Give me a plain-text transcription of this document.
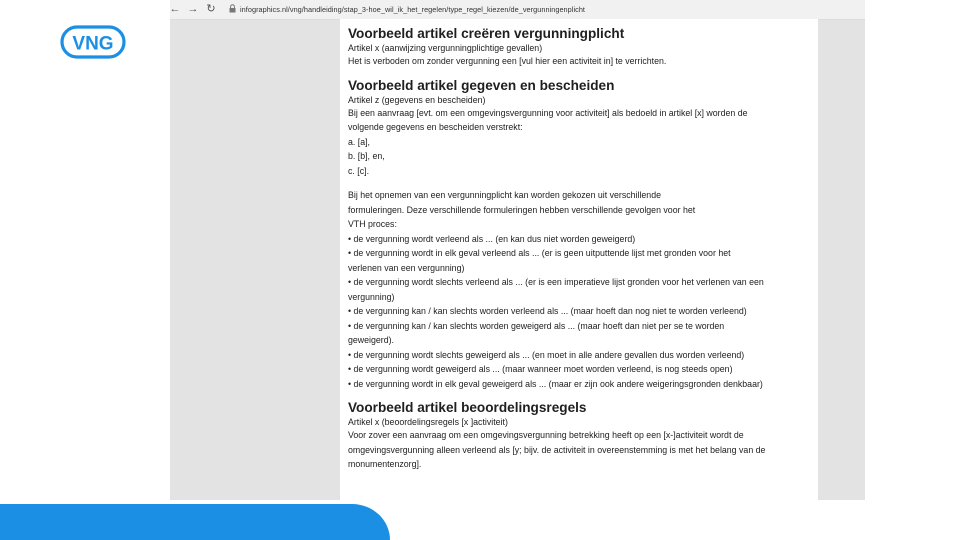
VNG
← → ↻	infographics.nl/vng/handleiding/stap_3-hoe_wil_ik_het_regelen/type_regel_kiezen/de_vergunningenplicht
Voorbeeld artikel creëren vergunningplicht

Artikel x (aanwijzing vergunningplichtige gevallen)

Het is verboden om zonder vergunning een [vul hier een activiteit in] te verrichten.

Voorbeeld artikel gegeven en bescheiden

Artikel z (gegevens en bescheiden)

Bij een aanvraag [evt. om een omgevingsvergunning voor activiteit] als bedoeld in artikel [x] worden de

volgende gegevens en bescheiden verstrekt:

a. [a],

b. [b], en,

c. [c].

Bij het opnemen van een vergunningplicht kan worden gekozen uit verschillende

formuleringen. Deze verschillende formuleringen hebben verschillende gevolgen voor het

VTH proces:

• de vergunning wordt verleend als ... (en kan dus niet worden geweigerd)

• de vergunning wordt in elk geval verleend als ... (er is geen uitputtende lijst met gronden voor het

verlenen van een vergunning)

• de vergunning wordt slechts verleend als ... (er is een imperatieve lijst gronden voor het verlenen van een

vergunning)

• de vergunning kan / kan slechts worden verleend als ... (maar hoeft dan nog niet te worden verleend)

• de vergunning kan / kan slechts worden geweigerd als ... (maar hoeft dan niet per se te worden

geweigerd).

• de vergunning wordt slechts geweigerd als ... (en moet in alle andere gevallen dus worden verleend)

• de vergunning wordt geweigerd als ... (maar wanneer moet worden verleend, is nog steeds open)

• de vergunning wordt in elk geval geweigerd als ... (maar er zijn ook andere weigeringsgronden denkbaar)

Voorbeeld artikel beoordelingsregels

Artikel x (beoordelingsregels [x ]activiteit)

Voor zover een aanvraag om een omgevingsvergunning betrekking heeft op een [x-]activiteit wordt de

omgevingsvergunning alleen verleend als [y; bijv. de activiteit in overeenstemming is met het belang van de

monumentenzorg].
